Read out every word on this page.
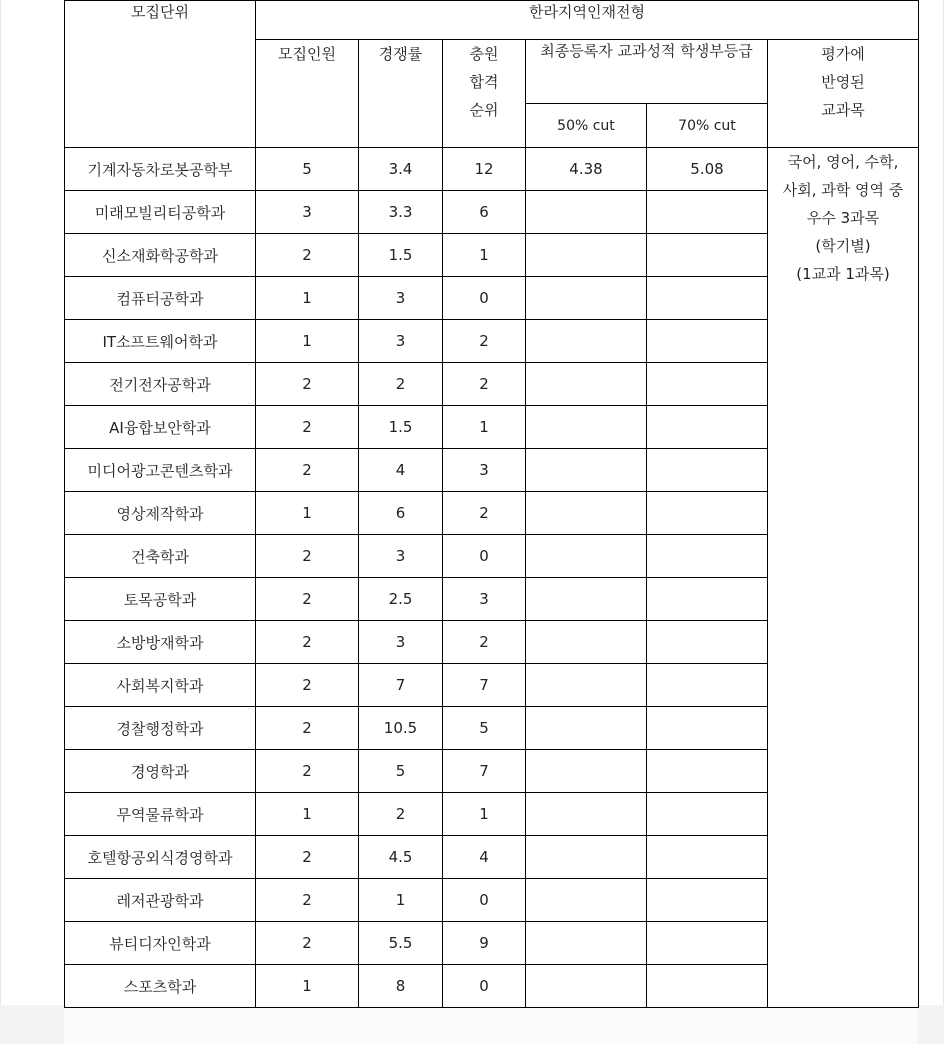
모집단위	한라지역인재전형					
	모집인원	경쟁률	충원
합격
순위	최종등록자 교과성적 학생부등급		평가에
반영된
교과목

				50% cut	70% cut	
기계자동차로봇공학부	5	3.4	12	4.38	5.08	국어, 영어, 수학,
사회, 과학 영역 중
우수 3과목
(학기별)
(1교과 1과목)

미래모빌리티공학과	3	3.3	6			
신소재화학공학과	2	1.5	1			
컴퓨터공학과	1	3	0			
IT소프트웨어학과	1	3	2			
전기전자공학과	2	2	2			
AI융합보안학과	2	1.5	1			
미디어광고콘텐츠학과	2	4	3			
영상제작학과	1	6	2			
건축학과	2	3	0			
토목공학과	2	2.5	3			
소방방재학과	2	3	2			
사회복지학과	2	7	7			
경찰행정학과	2	10.5	5			
경영학과	2	5	7			
무역물류학과	1	2	1			
호텔항공외식경영학과	2	4.5	4			
레저관광학과	2	1	0			
뷰티디자인학과	2	5.5	9			
스포츠학과	1	8	0			
